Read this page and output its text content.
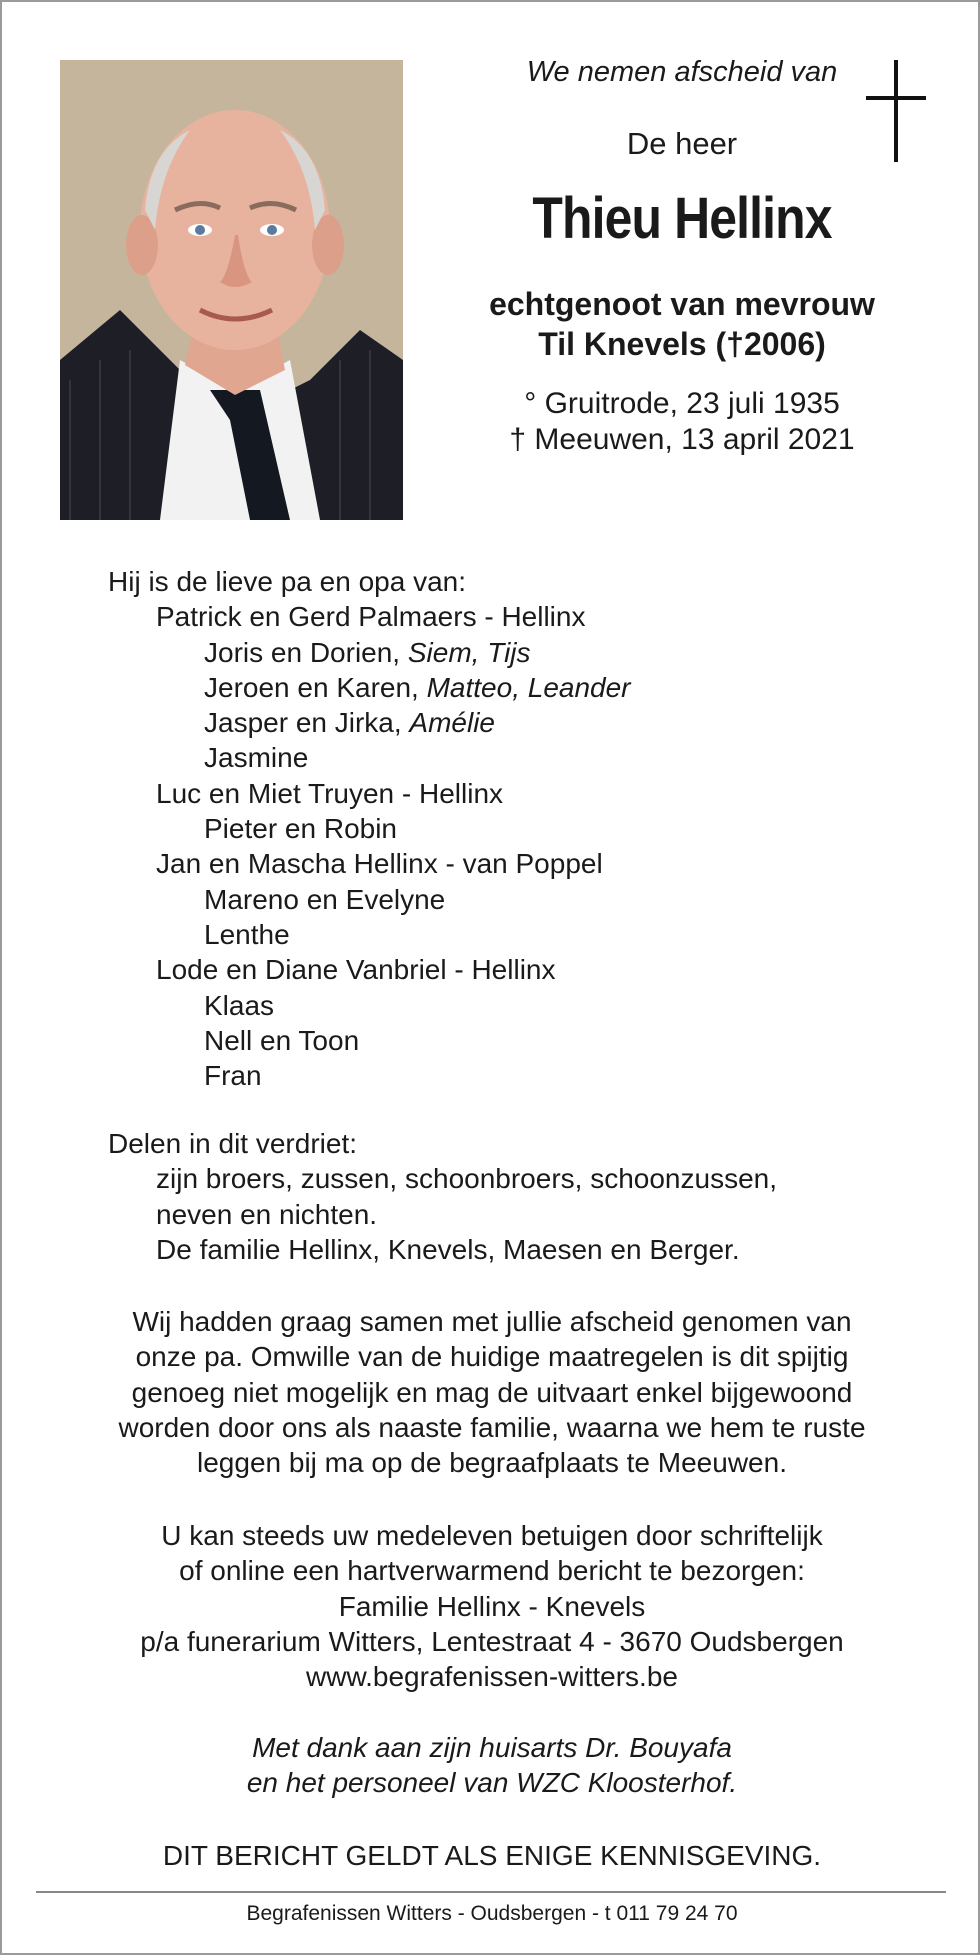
We nemen afscheid van

De heer
Thieu Hellinx
echtgenoot van mevrouw
Til Knevels (†2006)
° Gruitrode, 23 juli 1935
† Meeuwen, 13 april 2021
Hij is de lieve pa en opa van:
Patrick en Gerd Palmaers - Hellinx
Joris en Dorien, Siem, Tijs
Jeroen en Karen, Matteo, Leander
Jasper en Jirka, Amélie
Jasmine
Luc en Miet Truyen - Hellinx
Pieter en Robin
Jan en Mascha Hellinx - van Poppel
Mareno en Evelyne
Lenthe
Lode en Diane Vanbriel - Hellinx
Klaas
Nell en Toon
Fran
Delen in dit verdriet:
zijn broers, zussen, schoonbroers, schoonzussen,
neven en nichten.
De familie Hellinx, Knevels, Maesen en Berger.
Wij hadden graag samen met jullie afscheid genomen van
onze pa. Omwille van de huidige maatregelen is dit spijtig
genoeg niet mogelijk en mag de uitvaart enkel bijgewoond
worden door ons als naaste familie, waarna we hem te ruste
leggen bij ma op de begraafplaats te Meeuwen.
U kan steeds uw medeleven betuigen door schriftelijk
of online een hartverwarmend bericht te bezorgen:
Familie Hellinx - Knevels
p/a funerarium Witters, Lentestraat 4 - 3670 Oudsbergen
www.begrafenissen-witters.be
Met dank aan zijn huisarts Dr. Bouyafa
en het personeel van WZC Kloosterhof.
DIT BERICHT GELDT ALS ENIGE KENNISGEVING.
Begrafenissen Witters - Oudsbergen - t 011 79 24 70
